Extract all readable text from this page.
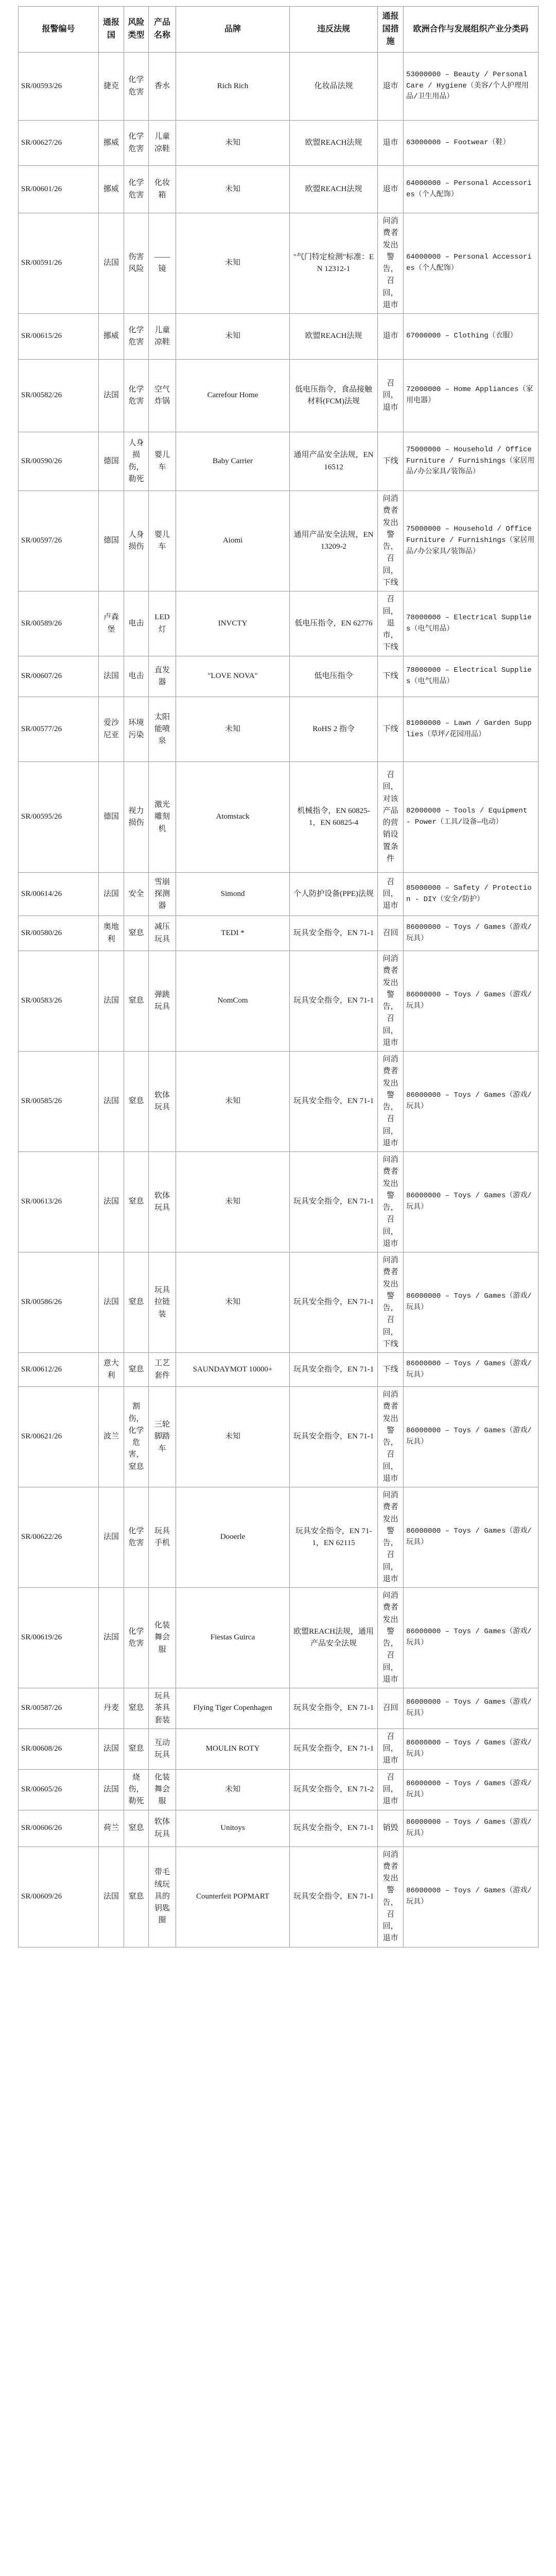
报警编号	通报国	风险类型	产品名称	品牌	违反法规	通报国措施	欧洲合作与发展组织产业分类码
SR/00593/26	捷克	化学危害	香水	Rich Rich	化妆品法规	退市	53000000 – Beauty / Personal Care / Hygiene（美容/个人护理用品/卫生用品）
SR/00627/26	挪威	化学危害	儿童凉鞋	未知	欧盟REACH法规	退市	63000000 – Footwear（鞋）
SR/00601/26	挪威	化学危害	化妆箱	未知	欧盟REACH法规	退市	64000000 – Personal Accessories（个人配饰）
SR/00591/26	法国	伤害风险	——镜	未知	"气门特定检测"标准：EN 12312-1	问消费者发出警告，召回，退市	64000000 – Personal Accessories（个人配饰）
SR/00615/26	挪威	化学危害	儿童凉鞋	未知	欧盟REACH法规	退市	67000000 – Clothing（衣服）
SR/00582/26	法国	化学危害	空气炸锅	Carrefour Home	低电压指令，食品接触材料(FCM)法规	召回，退市	72000000 – Home Appliances（家用电器）
SR/00590/26	德国	人身损伤，勒死	婴儿车	Baby Carrier	通用产品安全法规，EN 16512	下线	75000000 – Household / Office Furniture / Furnishings（家居用品/办公家具/装饰品）
SR/00597/26	德国	人身损伤	婴儿车	Aiomi	通用产品安全法规，EN 13209-2	问消费者发出警告，召回，下线	75000000 – Household / Office Furniture / Furnishings（家居用品/办公家具/装饰品）
SR/00589/26	卢森堡	电击	LED灯	INVCTY	低电压指令，EN 62776	召回，退市，下线	78000000 – Electrical Supplies（电气用品）
SR/00607/26	法国	电击	直发器	"LOVE NOVA"	低电压指令	下线	78000000 – Electrical Supplies（电气用品）
SR/00577/26	爱沙尼亚	环境污染	太阳能喷泉	未知	RoHS 2 指令	下线	81000000 – Lawn / Garden Supplies（草坪/花园用品）
SR/00595/26	德国	视力损伤	激光雕刻机	Atomstack	机械指令，EN 60825-1，EN 60825-4	召回，对该产品的营销设置条件	82000000 – Tools / Equipment - Power（工具/设备—电动）
SR/00614/26	法国	安全	雪崩探测器	Simond	个人防护设备(PPE)法规	召回，退市	85000000 – Safety / Protection - DIY（安全/防护）
SR/00580/26	奥地利	窒息	减压玩具	TEDI *	玩具安全指令，EN 71-1	召回	86000000 – Toys / Games（游戏/玩具）
SR/00583/26	法国	窒息	弹跳玩具	NomCom	玩具安全指令，EN 71-1	问消费者发出警告，召回，退市	86000000 – Toys / Games（游戏/玩具）
SR/00585/26	法国	窒息	软体玩具	未知	玩具安全指令，EN 71-1	问消费者发出警告，召回，退市	86000000 – Toys / Games（游戏/玩具）
SR/00613/26	法国	窒息	软体玩具	未知	玩具安全指令，EN 71-1	问消费者发出警告，召回，退市	86000000 – Toys / Games（游戏/玩具）
SR/00586/26	法国	窒息	玩具拉链装	未知	玩具安全指令，EN 71-1	问消费者发出警告，召回，下线	86000000 – Toys / Games（游戏/玩具）
SR/00612/26	意大利	窒息	工艺套件	SAUNDAYMOT 10000+	玩具安全指令，EN 71-1	下线	86000000 – Toys / Games（游戏/玩具）
SR/00621/26	波兰	割伤，化学危害，窒息	三轮脚踏车	未知	玩具安全指令，EN 71-1	问消费者发出警告，召回，退市	86000000 – Toys / Games（游戏/玩具）
SR/00622/26	法国	化学危害	玩具手机	Dooerle	玩具安全指令，EN 71-1，EN 62115	问消费者发出警告，召回，退市	86000000 – Toys / Games（游戏/玩具）
SR/00619/26	法国	化学危害	化装舞会服	Fiestas Guirca	欧盟REACH法规，通用产品安全法规	问消费者发出警告，召回，退市	86000000 – Toys / Games（游戏/玩具）
SR/00587/26	丹麦	窒息	玩具茶具套装	Flying Tiger Copenhagen	玩具安全指令，EN 71-1	召回	86000000 – Toys / Games（游戏/玩具）
SR/00608/26	法国	窒息	互动玩具	MOULIN ROTY	玩具安全指令，EN 71-1	召回，退市	86000000 – Toys / Games（游戏/玩具）
SR/00605/26	法国	烧伤，勒死	化装舞会服	未知	玩具安全指令，EN 71-2	召回，退市	86000000 – Toys / Games（游戏/玩具）
SR/00606/26	荷兰	窒息	软体玩具	Unitoys	玩具安全指令，EN 71-1	销毁	86000000 – Toys / Games（游戏/玩具）
SR/00609/26	法国	窒息	带毛绒玩具的钥匙圈	Counterfeit POPMART	玩具安全指令，EN 71-1	问消费者发出警告，召回，退市	86000000 – Toys / Games（游戏/玩具）
